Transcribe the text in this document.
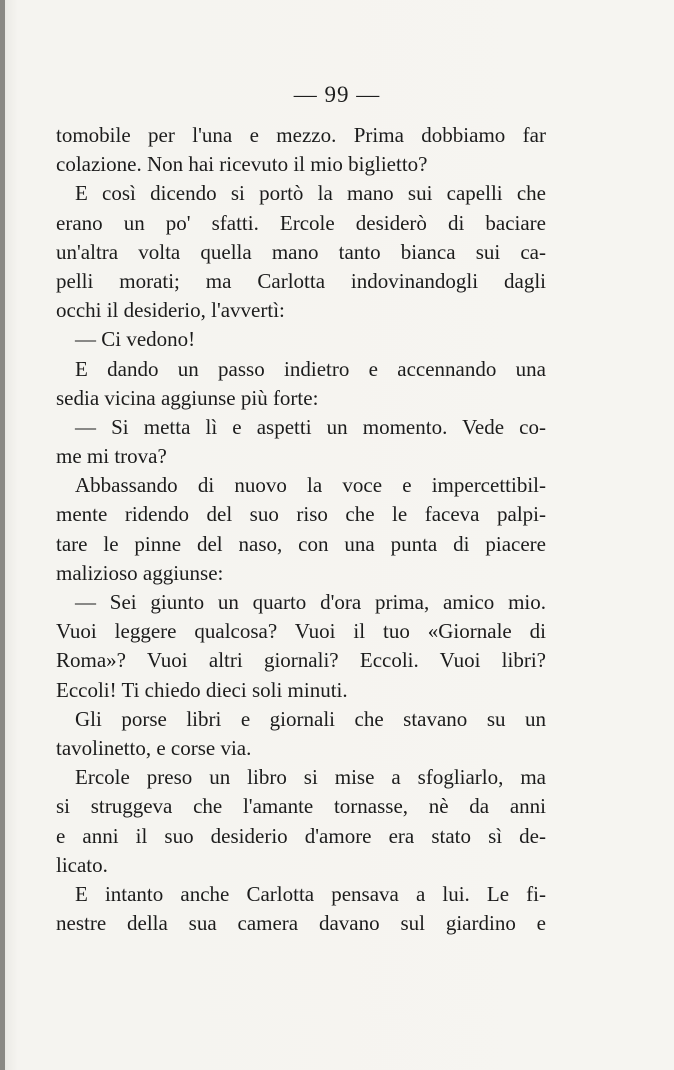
— 99 —
tomobile per l'una e mezzo. Prima dobbiamo far
colazione. Non hai ricevuto il mio biglietto?
E così dicendo si portò la mano sui capelli che
erano un po' sfatti. Ercole desiderò di baciare
un'altra volta quella mano tanto bianca sui ca-
pelli morati; ma Carlotta indovinandogli dagli
occhi il desiderio, l'avvertì:
— Ci vedono!
E dando un passo indietro e accennando una
sedia vicina aggiunse più forte:
— Si metta lì e aspetti un momento. Vede co-
me mi trova?
Abbassando di nuovo la voce e impercettibil-
mente ridendo del suo riso che le faceva palpi-
tare le pinne del naso, con una punta di piacere
malizioso aggiunse:
— Sei giunto un quarto d'ora prima, amico mio.
Vuoi leggere qualcosa? Vuoi il tuo «Giornale di
Roma»? Vuoi altri giornali? Eccoli. Vuoi libri?
Eccoli! Ti chiedo dieci soli minuti.
Gli porse libri e giornali che stavano su un
tavolinetto, e corse via.
Ercole preso un libro si mise a sfogliarlo, ma
si struggeva che l'amante tornasse, nè da anni
e anni il suo desiderio d'amore era stato sì de-
licato.
E intanto anche Carlotta pensava a lui. Le fi-
nestre della sua camera davano sul giardino e
